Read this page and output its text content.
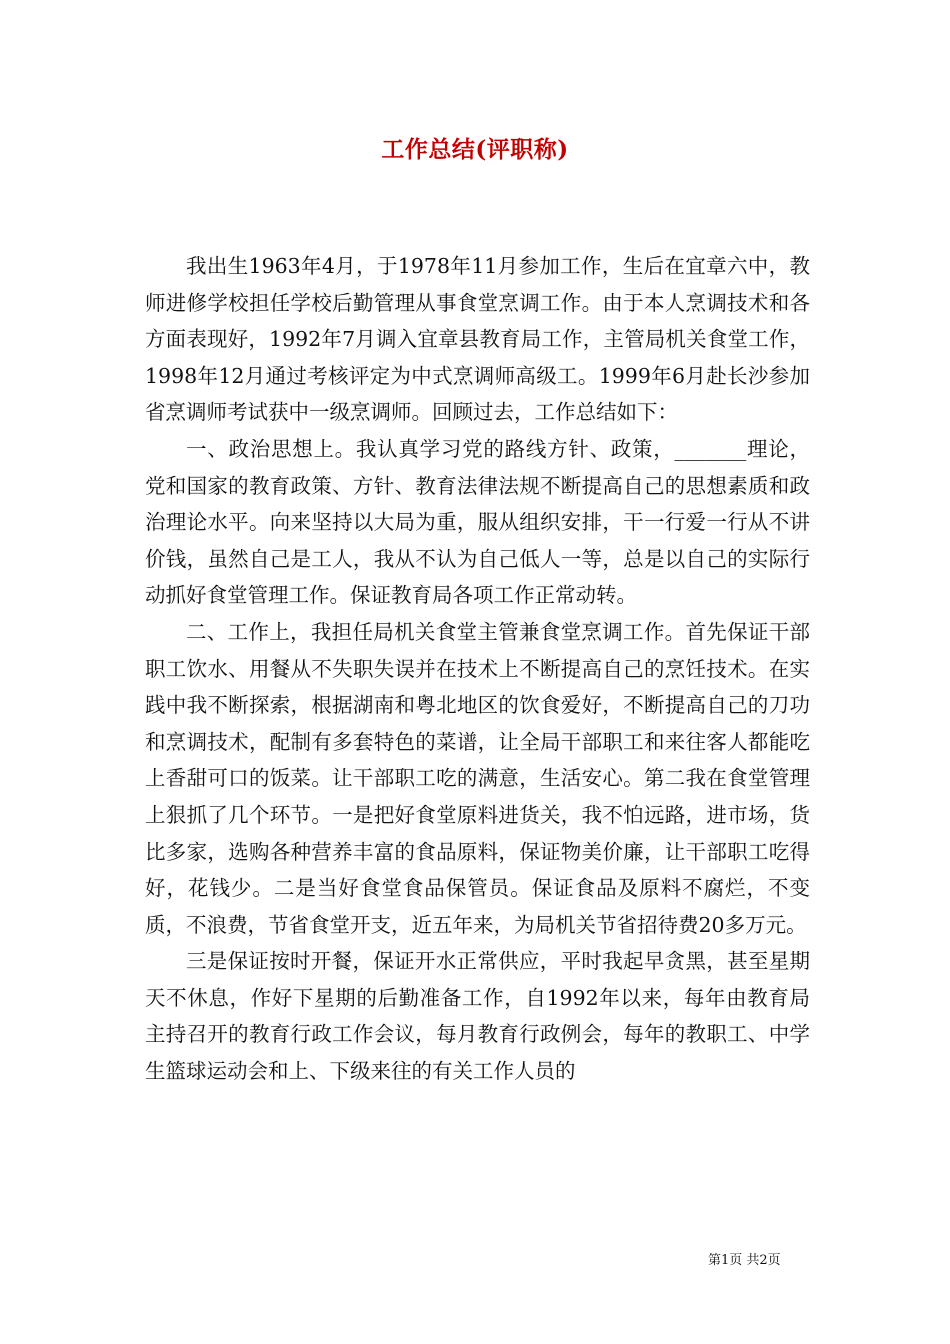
工作总结(评职称)

我出生1963年4月，于1978年11月参加工作，生后在宜章六中，教师进修学校担任学校后勤管理从事食堂烹调工作。由于本人烹调技术和各方面表现好，1992年7月调入宜章县教育局工作，主管局机关食堂工作，1998年12月通过考核评定为中式烹调师高级工。1999年6月赴长沙参加省烹调师考试获中一级烹调师。回顾过去，工作总结如下：

一、政治思想上。我认真学习党的路线方针、政策，_______理论，党和国家的教育政策、方针、教育法律法规不断提高自己的思想素质和政治理论水平。向来坚持以大局为重，服从组织安排，干一行爱一行从不讲价钱，虽然自己是工人，我从不认为自己低人一等，总是以自己的实际行动抓好食堂管理工作。保证教育局各项工作正常动转。

二、工作上，我担任局机关食堂主管兼食堂烹调工作。首先保证干部职工饮水、用餐从不失职失误并在技术上不断提高自己的烹饪技术。在实践中我不断探索，根据湖南和粤北地区的饮食爱好，不断提高自己的刀功和烹调技术，配制有多套特色的菜谱，让全局干部职工和来往客人都能吃上香甜可口的饭菜。让干部职工吃的满意，生活安心。第二我在食堂管理上狠抓了几个环节。一是把好食堂原料进货关，我不怕远路，进市场，货比多家，选购各种营养丰富的食品原料，保证物美价廉，让干部职工吃得好，花钱少。二是当好食堂食品保管员。保证食品及原料不腐烂，不变质，不浪费，节省食堂开支，近五年来，为局机关节省招待费20多万元。

三是保证按时开餐，保证开水正常供应，平时我起早贪黑，甚至星期天不休息，作好下星期的后勤准备工作，自1992年以来，每年由教育局主持召开的教育行政工作会议，每月教育行政例会，每年的教职工、中学生篮球运动会和上、下级来往的有关工作人员的

第1页 共2页
